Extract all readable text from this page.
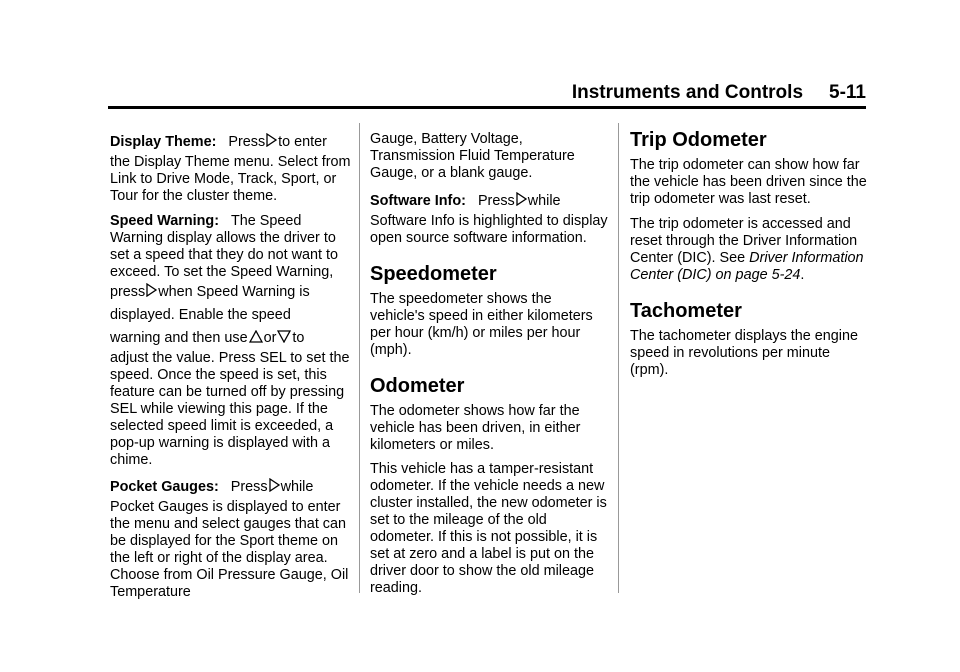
Instruments and Controls 5-11

Display Theme: Press to enter
the Display Theme menu. Select from Link to Drive Mode, Track, Sport, or Tour for the cluster theme.

Speed Warning: The Speed Warning display allows the driver to set a speed that they do not want to exceed. To set the Speed Warning,
press when Speed Warning is
displayed. Enable the speed
warning and then use or to
adjust the value. Press SEL to set the speed. Once the speed is set, this feature can be turned off by pressing SEL while viewing this page. If the selected speed limit is exceeded, a pop-up warning is displayed with a chime.

Pocket Gauges: Press while
Pocket Gauges is displayed to enter the menu and select gauges that can be displayed for the Sport theme on the left or right of the display area. Choose from Oil Pressure Gauge, Oil Temperature

Gauge, Battery Voltage, Transmission Fluid Temperature Gauge, or a blank gauge.

Software Info: Press while
Software Info is highlighted to display open source software information.

Speedometer

The speedometer shows the vehicle's speed in either kilometers per hour (km/h) or miles per hour (mph).

Odometer

The odometer shows how far the vehicle has been driven, in either kilometers or miles.

This vehicle has a tamper-resistant odometer. If the vehicle needs a new cluster installed, the new odometer is set to the mileage of the old odometer. If this is not possible, it is set at zero and a label is put on the driver door to show the old mileage reading.

Trip Odometer

The trip odometer can show how far the vehicle has been driven since the trip odometer was last reset.

The trip odometer is accessed and reset through the Driver Information Center (DIC). See Driver Information Center (DIC) on page 5-24.

Tachometer

The tachometer displays the engine speed in revolutions per minute (rpm).
